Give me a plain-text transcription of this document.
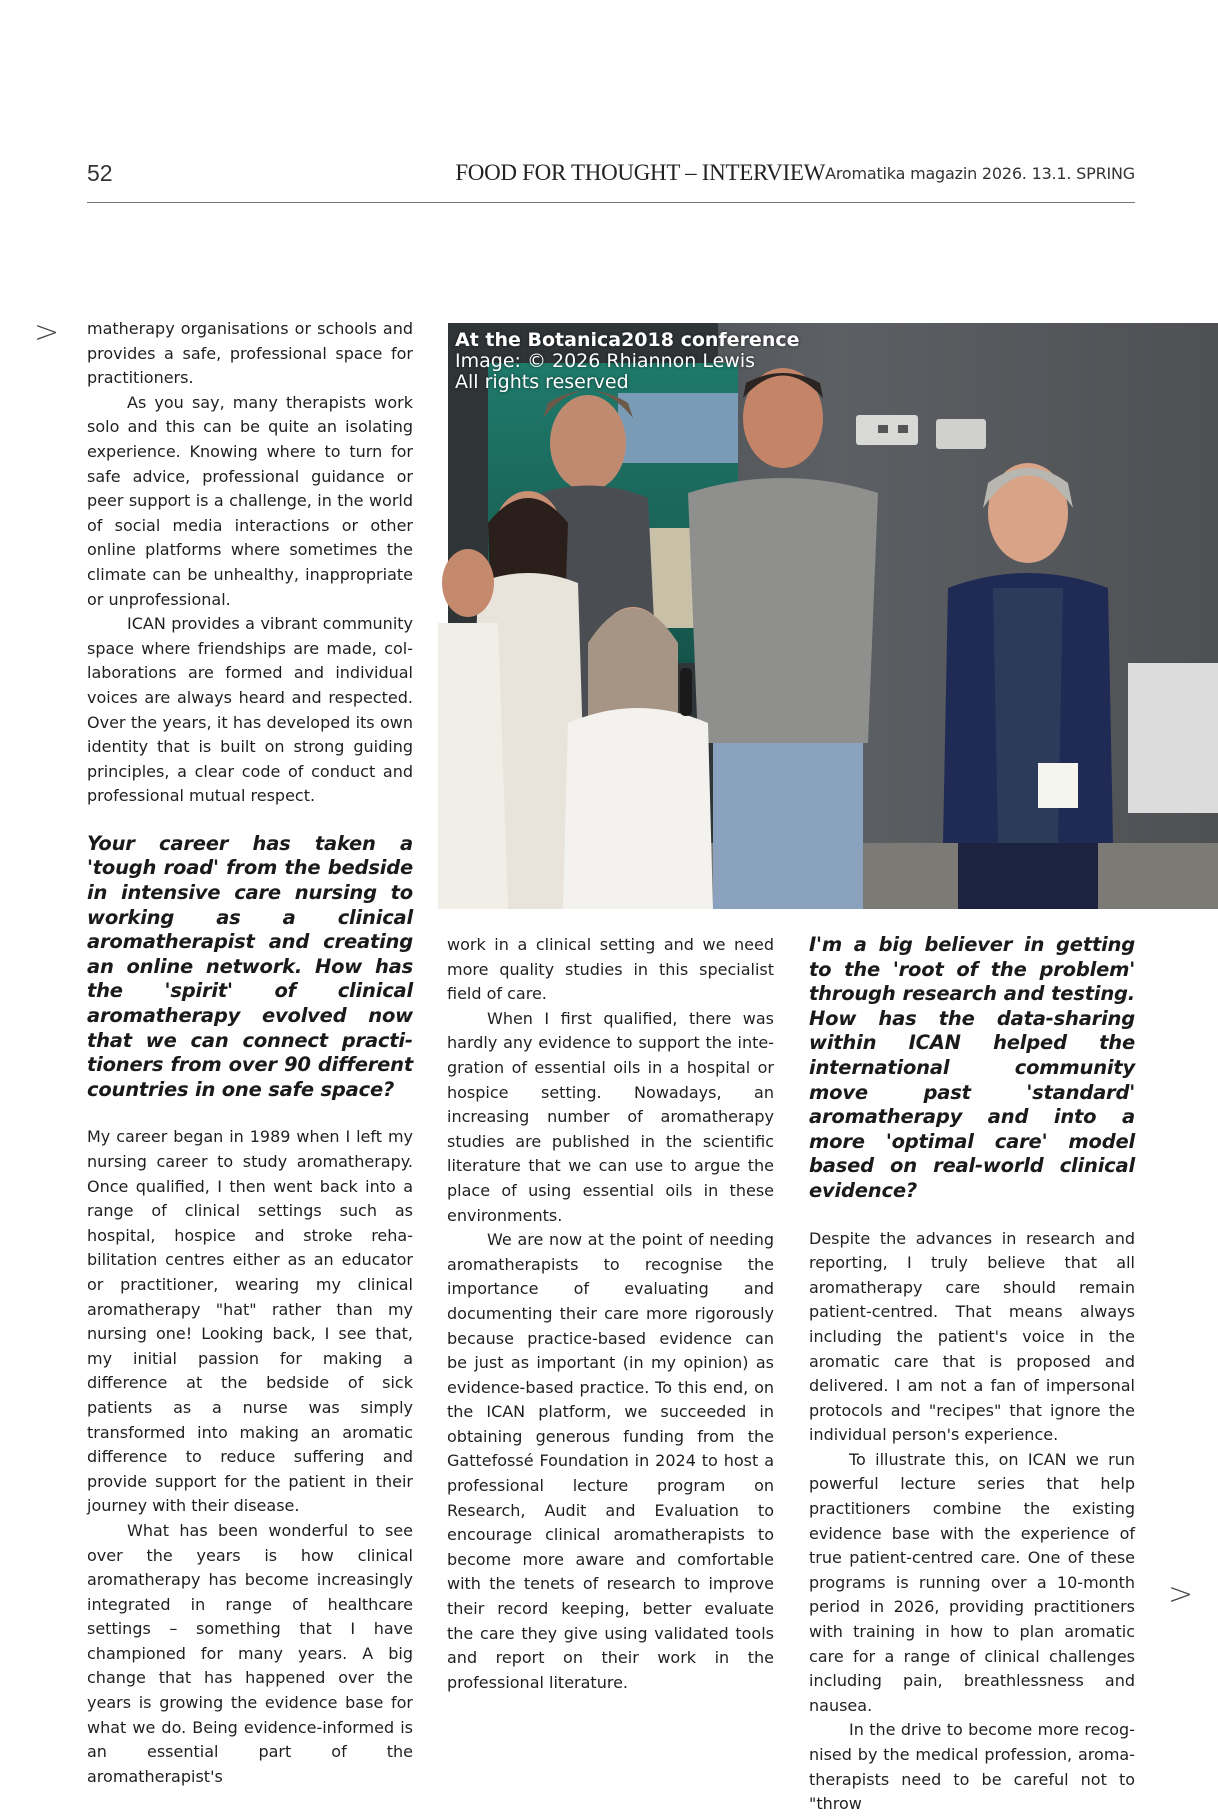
52	FOOD FOR THOUGHT – INTERVIEW Aromatika magazin 2026. 13.1. SPRING
>
>

matherapy organisations or schools and provides a safe, professional space for practitioners.

As you say, many therapists work solo and this can be quite an isolating experience. Knowing where to turn for safe advice, professional guidance or peer support is a challenge, in the world of social media interactions or other online platforms where sometimes the climate can be unhealthy, inappropriate or unprofessional.

ICAN provides a vibrant community space where friendships are made, collaborations are formed and individual voices are always heard and respected. Over the years, it has developed its own identity that is built on strong guiding principles, a clear code of conduct and professional mutual respect.

Your career has taken a 'tough road' from the bedside in intensive care nursing to working as a clinical aromatherapist and creating an online network. How has the 'spirit' of clinical aromatherapy evolved now that we can connect practitioners from over 90 different countries in one safe space?

My career began in 1989 when I left my nursing career to study aromatherapy. Once qualified, I then went back into a range of clinical settings such as hospital, hospice and stroke rehabilitation centres either as an educator or practitioner, wearing my clinical aromatherapy "hat" rather than my nursing one! Looking back, I see that, my initial passion for making a difference at the bedside of sick patients as a nurse was simply transformed into making an aromatic difference to reduce suffering and provide support for the patient in their journey with their disease.

What has been wonderful to see over the years is how clinical aromatherapy has become increasingly integrated in range of healthcare settings – something that I have championed for many years. A big change that has happened over the years is growing the evidence base for what we do. Being evidence-informed is an essential part of the aromatherapist's

At the Botanica2018 conference
Image: © 2026 Rhiannon Lewis
All rights reserved

work in a clinical setting and we need more quality studies in this specialist field of care.

When I first qualified, there was hardly any evidence to support the integration of essential oils in a hospital or hospice setting. Nowadays, an increasing number of aromatherapy studies are published in the scientific literature that we can use to argue the place of using essential oils in these environments.

We are now at the point of needing aromatherapists to recognise the importance of evaluating and documenting their care more rigorously because practice-based evidence can be just as important (in my opinion) as evidence-based practice. To this end, on the ICAN platform, we succeeded in obtaining generous funding from the Gattefossé Foundation in 2024 to host a professional lecture program on Research, Audit and Evaluation to encourage clinical aromatherapists to become more aware and comfortable with the tenets of research to improve their record keeping, better evaluate the care they give using validated tools and report on their work in the professional literature.

I'm a big believer in getting to the 'root of the problem' through research and testing. How has the data-sharing within ICAN helped the international community move past 'standard' aromatherapy and into a more 'optimal care' model based on real-world clinical evidence?

Despite the advances in research and reporting, I truly believe that all aromatherapy care should remain patient-centred. That means always including the patient's voice in the aromatic care that is proposed and delivered. I am not a fan of impersonal protocols and "recipes" that ignore the individual person's experience.

To illustrate this, on ICAN we run powerful lecture series that help practitioners combine the existing evidence base with the experience of true patient-centred care. One of these programs is running over a 10-month period in 2026, providing practitioners with training in how to plan aromatic care for a range of clinical challenges including pain, breathlessness and nausea.

In the drive to become more recognised by the medical profession, aromatherapists need to be careful not to "throw
